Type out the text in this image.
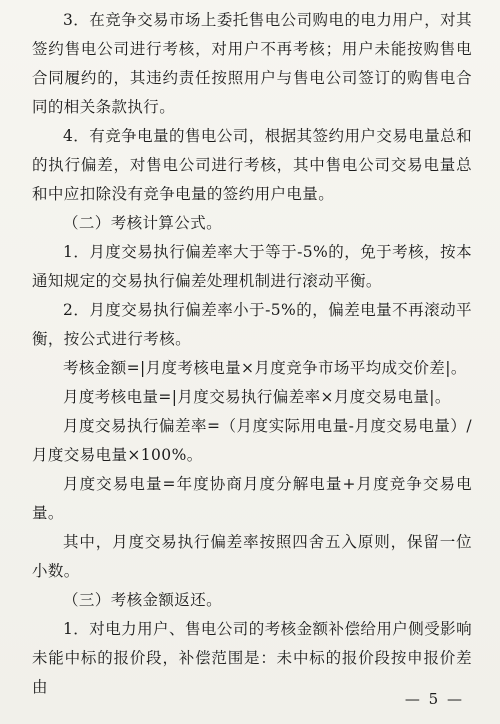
3．在竞争交易市场上委托售电公司购电的电力用户，对其签约售电公司进行考核，对用户不再考核；用户未能按购售电合同履约的，其违约责任按照用户与售电公司签订的购售电合同的相关条款执行。

4．有竞争电量的售电公司，根据其签约用户交易电量总和的执行偏差，对售电公司进行考核，其中售电公司交易电量总和中应扣除没有竞争电量的签约用户电量。

（二）考核计算公式。

1．月度交易执行偏差率大于等于-5%的，免于考核，按本通知规定的交易执行偏差处理机制进行滚动平衡。

2．月度交易执行偏差率小于-5%的，偏差电量不再滚动平衡，按公式进行考核。

考核金额=|月度考核电量×月度竞争市场平均成交价差|。

月度考核电量=|月度交易执行偏差率×月度交易电量|。

月度交易执行偏差率=（月度实际用电量-月度交易电量）/月度交易电量×100%。

月度交易电量=年度协商月度分解电量+月度竞争交易电量。

其中，月度交易执行偏差率按照四舍五入原则，保留一位小数。

（三）考核金额返还。

1．对电力用户、售电公司的考核金额补偿给用户侧受影响未能中标的报价段，补偿范围是：未中标的报价段按申报价差由

— 5 —
